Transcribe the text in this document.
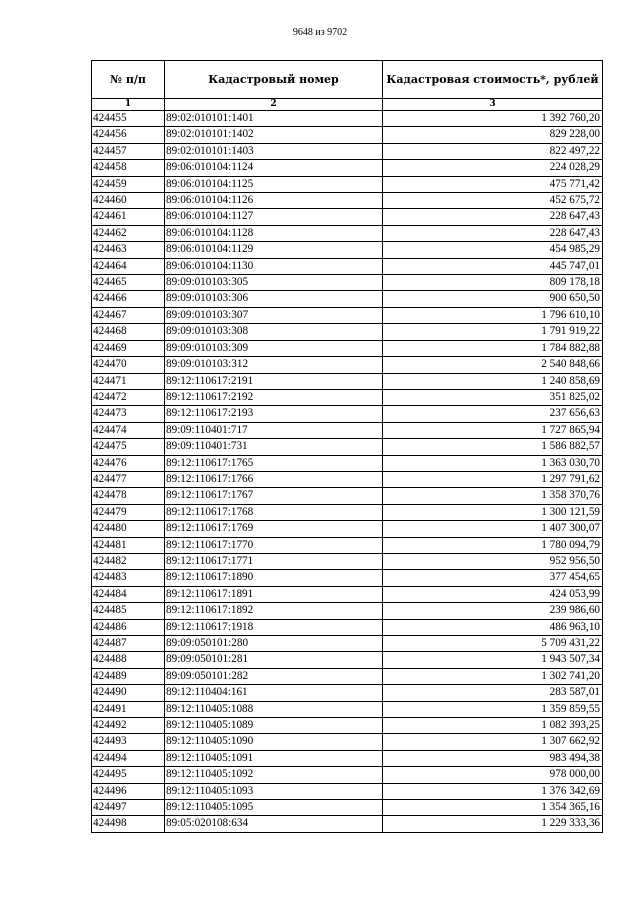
9648 из 9702
№ п/п	Кадастровый номер	Кадастровая стоимость*, рублей
1	2	3
424455	89:02:010101:1401	1 392 760,20
424456	89:02:010101:1402	829 228,00
424457	89:02:010101:1403	822 497,22
424458	89:06:010104:1124	224 028,29
424459	89:06:010104:1125	475 771,42
424460	89:06:010104:1126	452 675,72
424461	89:06:010104:1127	228 647,43
424462	89:06:010104:1128	228 647,43
424463	89:06:010104:1129	454 985,29
424464	89:06:010104:1130	445 747,01
424465	89:09:010103:305	809 178,18
424466	89:09:010103:306	900 650,50
424467	89:09:010103:307	1 796 610,10
424468	89:09:010103:308	1 791 919,22
424469	89:09:010103:309	1 784 882,88
424470	89:09:010103:312	2 540 848,66
424471	89:12:110617:2191	1 240 858,69
424472	89:12:110617:2192	351 825,02
424473	89:12:110617:2193	237 656,63
424474	89:09:110401:717	1 727 865,94
424475	89:09:110401:731	1 586 882,57
424476	89:12:110617:1765	1 363 030,70
424477	89:12:110617:1766	1 297 791,62
424478	89:12:110617:1767	1 358 370,76
424479	89:12:110617:1768	1 300 121,59
424480	89:12:110617:1769	1 407 300,07
424481	89:12:110617:1770	1 780 094,79
424482	89:12:110617:1771	952 956,50
424483	89:12:110617:1890	377 454,65
424484	89:12:110617:1891	424 053,99
424485	89:12:110617:1892	239 986,60
424486	89:12:110617:1918	486 963,10
424487	89:09:050101:280	5 709 431,22
424488	89:09:050101:281	1 943 507,34
424489	89:09:050101:282	1 302 741,20
424490	89:12:110404:161	283 587,01
424491	89:12:110405:1088	1 359 859,55
424492	89:12:110405:1089	1 082 393,25
424493	89:12:110405:1090	1 307 662,92
424494	89:12:110405:1091	983 494,38
424495	89:12:110405:1092	978 000,00
424496	89:12:110405:1093	1 376 342,69
424497	89:12:110405:1095	1 354 365,16
424498	89:05:020108:634	1 229 333,36
